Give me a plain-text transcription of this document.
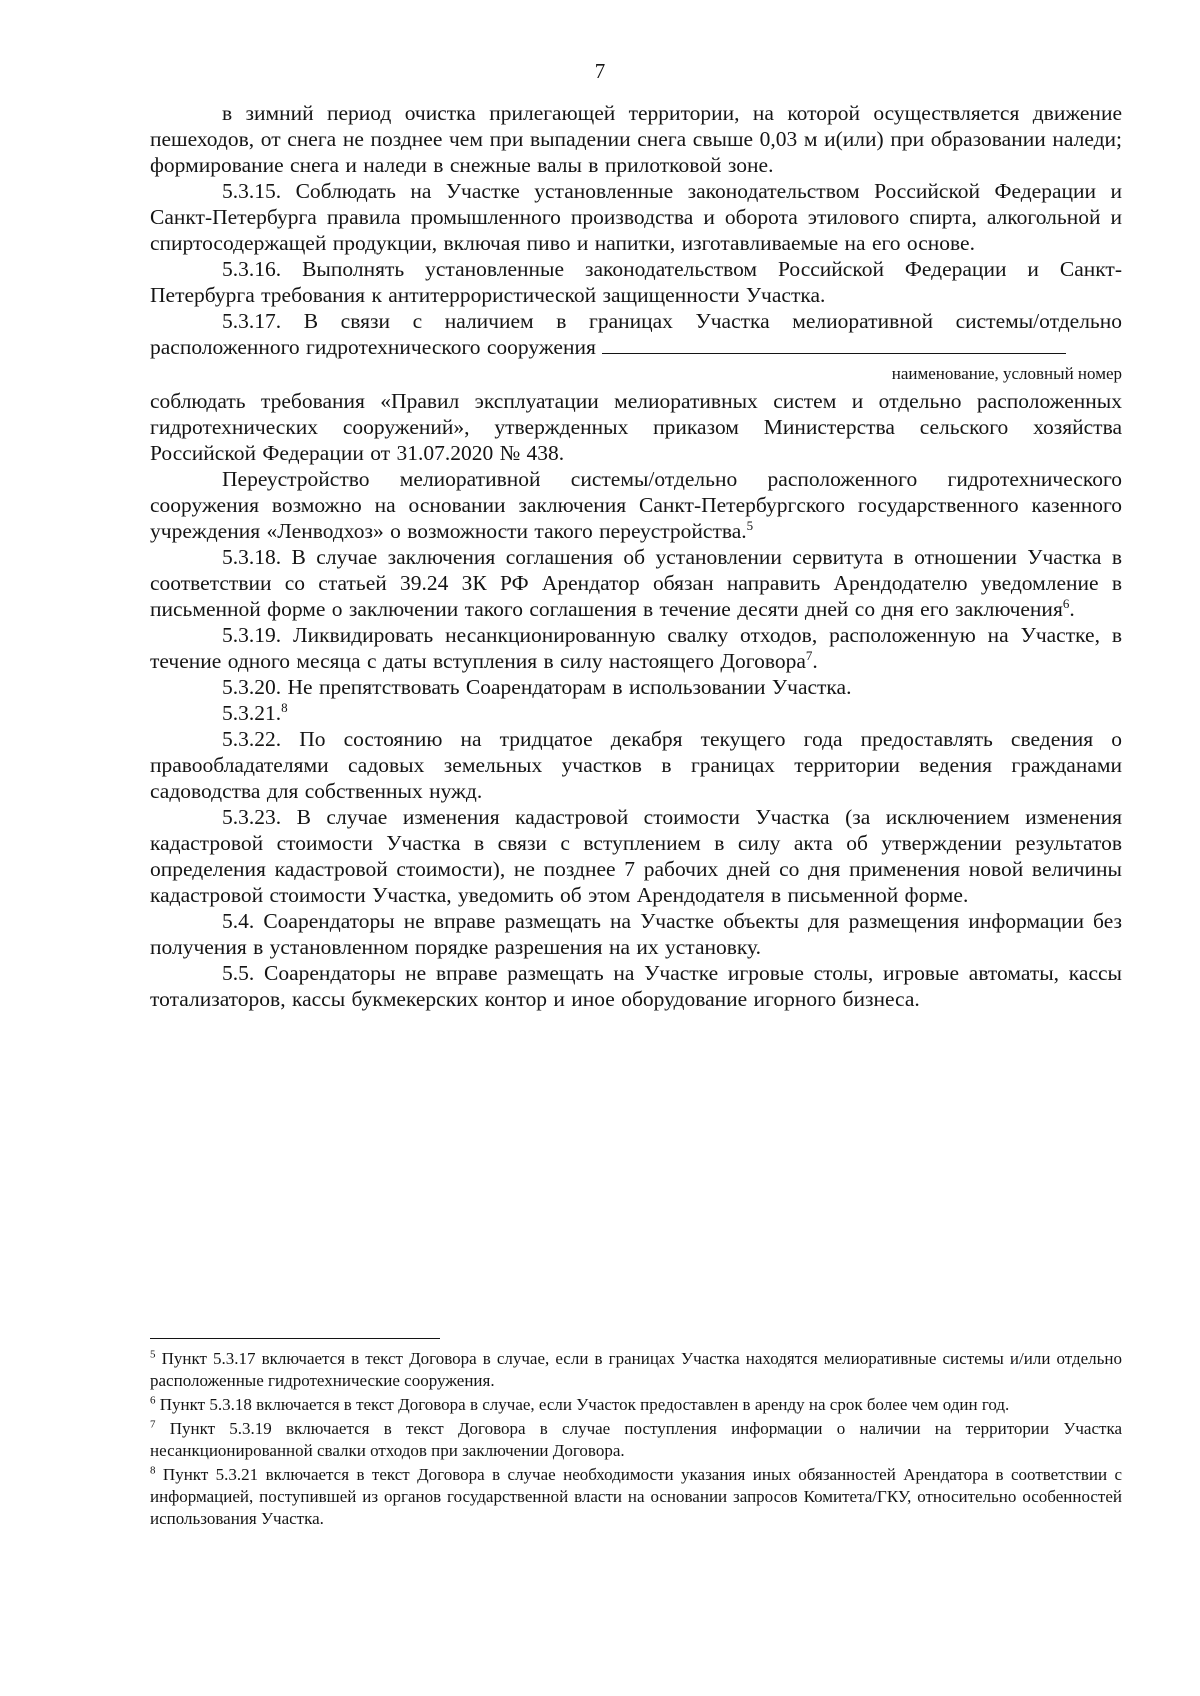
7

в зимний период очистка прилегающей территории, на которой осуществляется движение пешеходов, от снега не позднее чем при выпадении снега свыше 0,03 м и(или) при образовании наледи; формирование снега и наледи в снежные валы в прилотковой зоне.

5.3.15. Соблюдать на Участке установленные законодательством Российской Федерации и Санкт-Петербурга правила промышленного производства и оборота этилового спирта, алкогольной и спиртосодержащей продукции, включая пиво и напитки, изготавливаемые на его основе.

5.3.16. Выполнять установленные законодательством Российской Федерации и Санкт-Петербурга требования к антитеррористической защищенности Участка.

5.3.17. В связи с наличием в границах Участка мелиоративной системы/отдельно расположенного гидротехнического сооружения

наименование, условный номер

соблюдать требования «Правил эксплуатации мелиоративных систем и отдельно расположенных гидротехнических сооружений», утвержденных приказом Министерства сельского хозяйства Российской Федерации от 31.07.2020 № 438.

Переустройство мелиоративной системы/отдельно расположенного гидротехнического сооружения возможно на основании заключения Санкт-Петербургского государственного казенного учреждения «Ленводхоз» о возможности такого переустройства.$^5$

5.3.18. В случае заключения соглашения об установлении сервитута в отношении Участка в соответствии со статьей 39.24 ЗК РФ Арендатор обязан направить Арендодателю уведомление в письменной форме о заключении такого соглашения в течение десяти дней со дня его заключения$^6$.

5.3.19. Ликвидировать несанкционированную свалку отходов, расположенную на Участке, в течение одного месяца с даты вступления в силу настоящего Договора$^7$.

5.3.20. Не препятствовать Соарендаторам в использовании Участка.

5.3.21.$^8$

5.3.22. По состоянию на тридцатое декабря текущего года предоставлять сведения о правообладателями садовых земельных участков в границах территории ведения гражданами садоводства для собственных нужд.

5.3.23. В случае изменения кадастровой стоимости Участка (за исключением изменения кадастровой стоимости Участка в связи с вступлением в силу акта об утверждении результатов определения кадастровой стоимости), не позднее 7 рабочих дней со дня применения новой величины кадастровой стоимости Участка, уведомить об этом Арендодателя в письменной форме.

5.4. Соарендаторы не вправе размещать на Участке объекты для размещения информации без получения в установленном порядке разрешения на их установку.

5.5. Соарендаторы не вправе размещать на Участке игровые столы, игровые автоматы, кассы тотализаторов, кассы букмекерских контор и иное оборудование игорного бизнеса.

$^5$ Пункт 5.3.17 включается в текст Договора в случае, если в границах Участка находятся мелиоративные системы и/или отдельно расположенные гидротехнические сооружения.

$^6$ Пункт 5.3.18 включается в текст Договора в случае, если Участок предоставлен в аренду на срок более чем один год.

$^7$ Пункт 5.3.19 включается в текст Договора в случае поступления информации о наличии на территории Участка несанкционированной свалки отходов при заключении Договора.

$^8$ Пункт 5.3.21 включается в текст Договора в случае необходимости указания иных обязанностей Арендатора в соответствии с информацией, поступившей из органов государственной власти на основании запросов Комитета/ГКУ, относительно особенностей использования Участка.
